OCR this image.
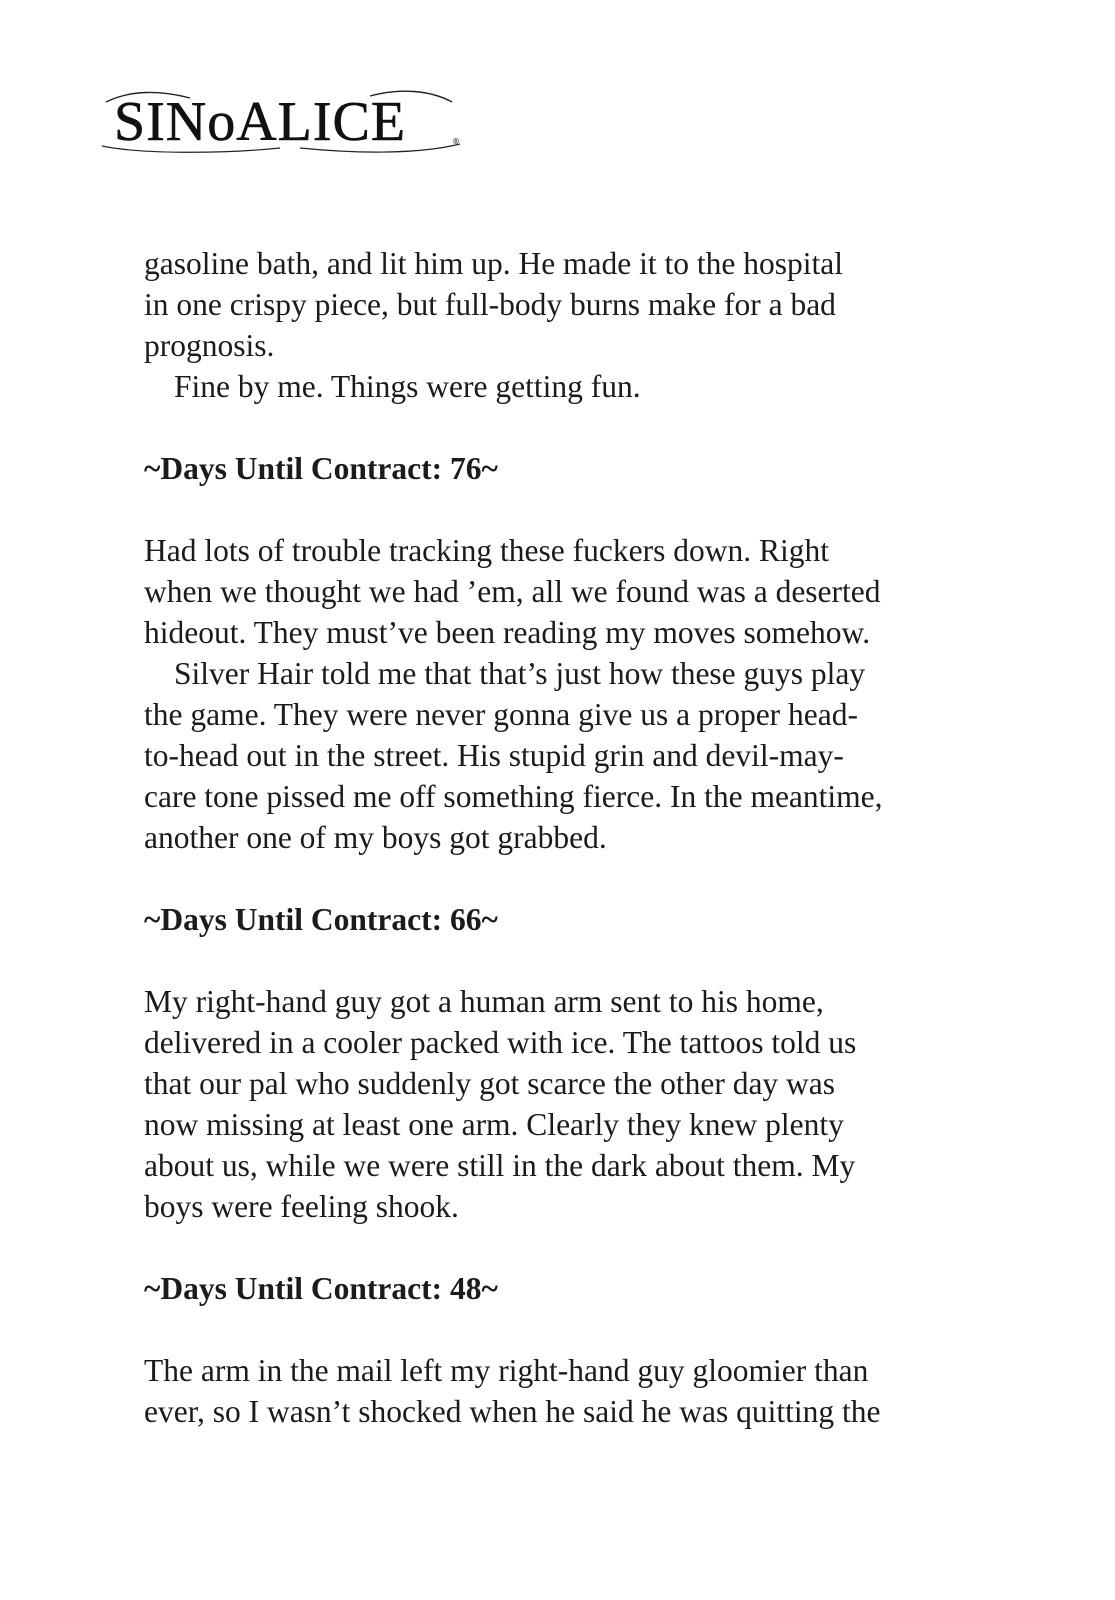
SINoALICE	®
gasoline bath, and lit him up. He made it to the hospital
in one crispy piece, but full-body burns make for a bad
prognosis.
Fine by me. Things were getting fun.
~Days Until Contract: 76~
Had lots of trouble tracking these fuckers down. Right
when we thought we had ’em, all we found was a deserted
hideout. They must’ve been reading my moves somehow.
Silver Hair told me that that’s just how these guys play
the game. They were never gonna give us a proper head-
to-head out in the street. His stupid grin and devil-may-
care tone pissed me off something fierce. In the meantime,
another one of my boys got grabbed.
~Days Until Contract: 66~
My right-hand guy got a human arm sent to his home,
delivered in a cooler packed with ice. The tattoos told us
that our pal who suddenly got scarce the other day was
now missing at least one arm. Clearly they knew plenty
about us, while we were still in the dark about them. My
boys were feeling shook.
~Days Until Contract: 48~
The arm in the mail left my right-hand guy gloomier than
ever, so I wasn’t shocked when he said he was quitting the
